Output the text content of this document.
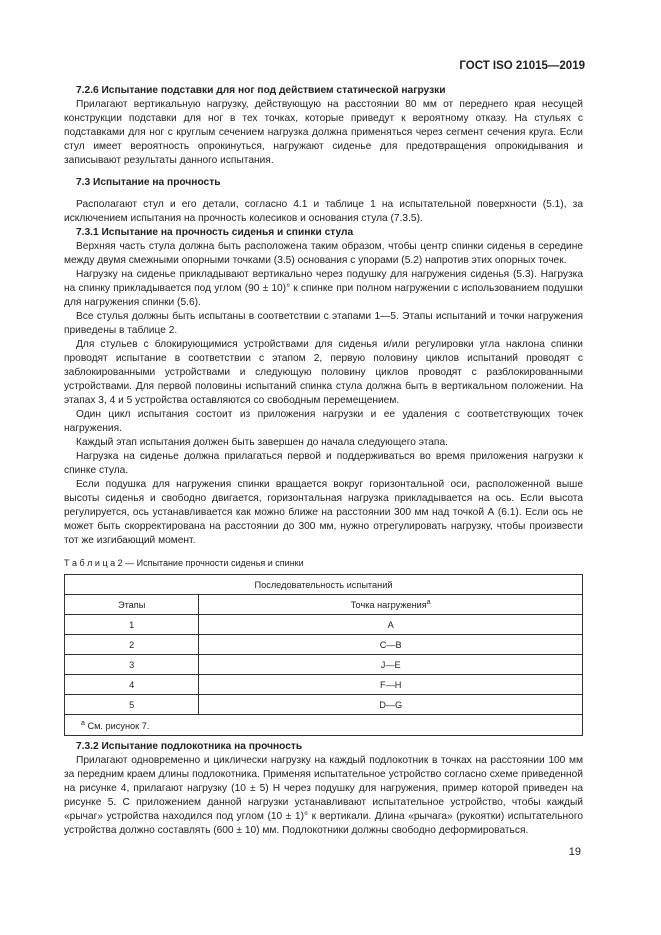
ГОСТ ISO 21015—2019

7.2.6 Испытание подставки для ног под действием статической нагрузки

Прилагают вертикальную нагрузку, действующую на расстоянии 80 мм от переднего края несущей конструкции подставки для ног в тех точках, которые приведут к вероятному отказу. На стульях с подставками для ног с круглым сечением нагрузка должна применяться через сегмент сечения круга. Если стул имеет вероятность опрокинуться, нагружают сиденье для предотвращения опрокидывания и записывают результаты данного испытания.

7.3 Испытание на прочность

Располагают стул и его детали, согласно 4.1 и таблице 1 на испытательной поверхности (5.1), за исключением испытания на прочность колесиков и основания стула (7.3.5).

7.3.1 Испытание на прочность сиденья и спинки стула

Верхняя часть стула должна быть расположена таким образом, чтобы центр спинки сиденья в середине между двумя смежными опорными точками (3.5) основания с упорами (5.2) напротив этих опорных точек.

Нагрузку на сиденье прикладывают вертикально через подушку для нагружения сиденья (5.3). Нагрузка на спинку прикладывается под углом (90 ± 10)° к спинке при полном нагружении с использованием подушки для нагружения спинки (5.6).

Все стулья должны быть испытаны в соответствии с этапами 1—5. Этапы испытаний и точки нагружения приведены в таблице 2.

Для стульев с блокирующимися устройствами для сиденья и/или регулировки угла наклона спинки проводят испытание в соответствии с этапом 2, первую половину циклов испытаний проводят с заблокированными устройствами и следующую половину циклов проводят с разблокированными устройствами. Для первой половины испытаний спинка стула должна быть в вертикальном положении. На этапах 3, 4 и 5 устройства оставляются со свободным перемещением.

Один цикл испытания состоит из приложения нагрузки и ее удаления с соответствующих точек нагружения.

Каждый этап испытания должен быть завершен до начала следующего этапа.

Нагрузка на сиденье должна прилагаться первой и поддерживаться во время приложения нагрузки к спинке стула.

Если подушка для нагружения спинки вращается вокруг горизонтальной оси, расположенной выше высоты сиденья и свободно двигается, горизонтальная нагрузка прикладывается на ось. Если высота регулируется, ось устанавливается как можно ближе на расстоянии 300 мм над точкой А (6.1). Если ось не может быть скорректирована на расстоянии до 300 мм, нужно отрегулировать нагрузку, чтобы произвести тот же изгибающий момент.

Т а б л и ц а 2 — Испытание прочности сиденья и спинки
Последовательность испытаний	
Этапы	Точка нагружения$^a$
1	A
2	C—B
3	J—E
4	F—H
5	D—G
$^a$ См. рисунок 7.	

7.3.2 Испытание подлокотника на прочность

Прилагают одновременно и циклически нагрузку на каждый подлокотник в точках на расстоянии 100 мм за передним краем длины подлокотника. Применяя испытательное устройство согласно схеме приведенной на рисунке 4, прилагают нагрузку (10 ± 5) Н через подушку для нагружения, пример которой приведен на рисунке 5. С приложением данной нагрузки устанавливают испытательное устройство, чтобы каждый «рычаг» устройства находился под углом (10 ± 1)° к вертикали. Длина «рычага» (рукоятки) испытательного устройства должно составлять (600 ± 10) мм. Подлокотники должны свободно деформироваться.

19
